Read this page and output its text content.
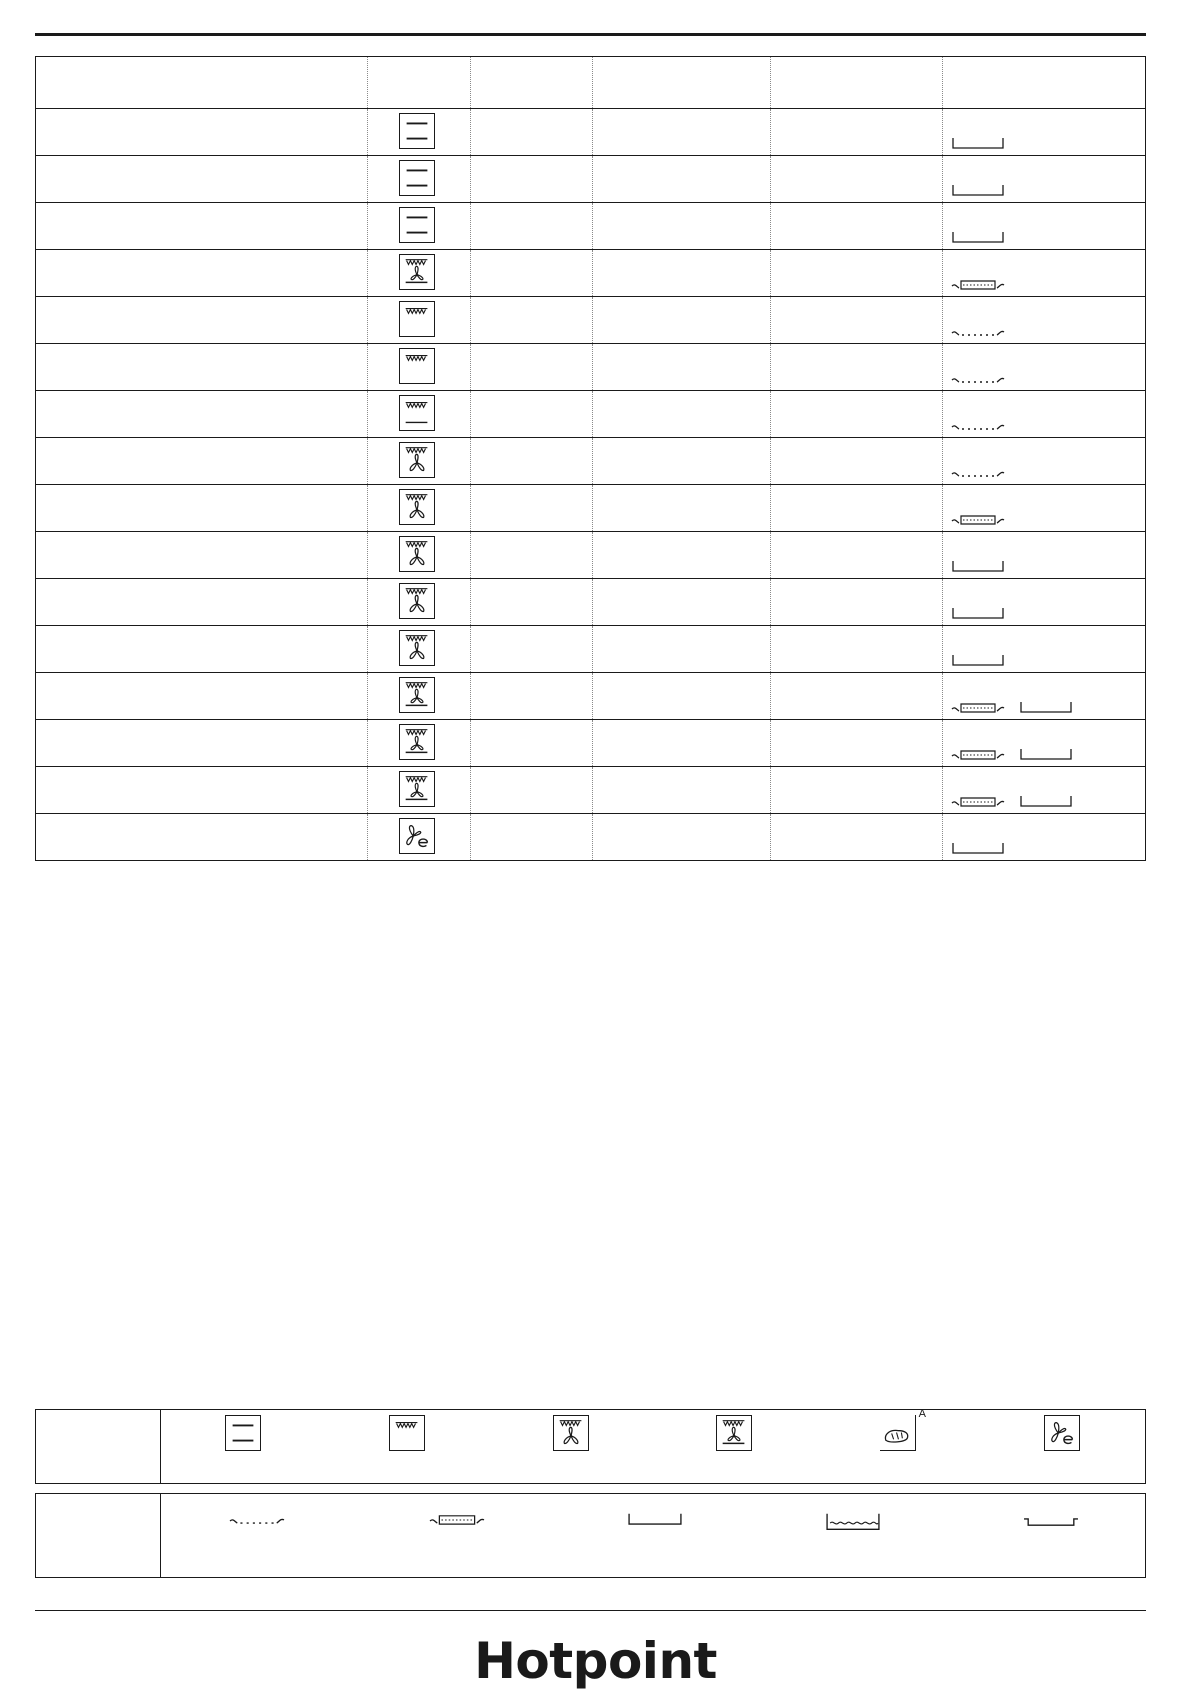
A
Hotpoint
